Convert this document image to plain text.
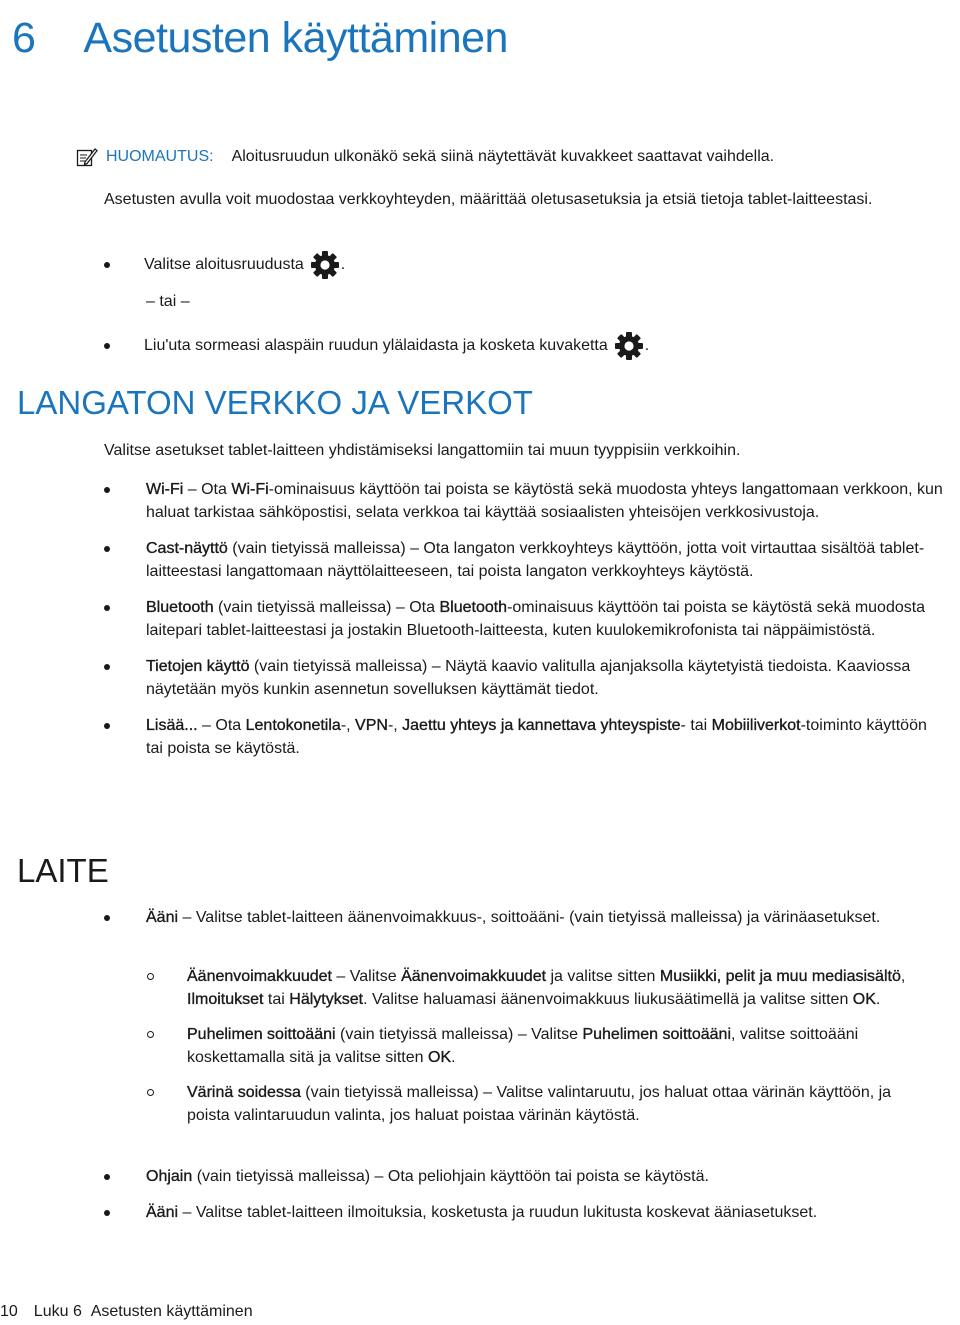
6 Asetusten käyttäminen
HUOMAUTUS: Aloitusruudun ulkonäkö sekä siinä näytettävät kuvakkeet saattavat vaihdella.

Asetusten avulla voit muodostaa verkkoyhteyden, määrittää oletusasetuksia ja etsiä tietoja tablet-laitteestasi.

Valitse aloitusruudusta .
– tai –
Liu'uta sormeasi alaspäin ruudun ylälaidasta ja kosketa kuvaketta .
LANGATON VERKKO JA VERKOT

Valitse asetukset tablet-laitteen yhdistämiseksi langattomiin tai muun tyyppisiin verkkoihin.

Wi-Fi – Ota Wi-Fi-ominaisuus käyttöön tai poista se käytöstä sekä muodosta yhteys langattomaan verkkoon, kun haluat tarkistaa sähköpostisi, selata verkkoa tai käyttää sosiaalisten yhteisöjen verkkosivustoja.
Cast-näyttö (vain tietyissä malleissa) – Ota langaton verkkoyhteys käyttöön, jotta voit virtauttaa sisältöä tablet-laitteestasi langattomaan näyttölaitteeseen, tai poista langaton verkkoyhteys käytöstä.
Bluetooth (vain tietyissä malleissa) – Ota Bluetooth-ominaisuus käyttöön tai poista se käytöstä sekä muodosta laitepari tablet-laitteestasi ja jostakin Bluetooth-laitteesta, kuten kuulokemikrofonista tai näppäimistöstä.
Tietojen käyttö (vain tietyissä malleissa) – Näytä kaavio valitulla ajanjaksolla käytetyistä tiedoista. Kaaviossa näytetään myös kunkin asennetun sovelluksen käyttämät tiedot.
Lisää... – Ota Lentokonetila-, VPN-, Jaettu yhteys ja kannettava yhteyspiste- tai Mobiiliverkot-toiminto käyttöön tai poista se käytöstä.
LAITE
Ääni – Valitse tablet-laitteen äänenvoimakkuus-, soittoääni- (vain tietyissä malleissa) ja värinäasetukset.
Äänenvoimakkuudet – Valitse Äänenvoimakkuudet ja valitse sitten Musiikki, pelit ja muu mediasisältö, Ilmoitukset tai Hälytykset. Valitse haluamasi äänenvoimakkuus liukusäätimellä ja valitse sitten OK.
Puhelimen soittoääni (vain tietyissä malleissa) – Valitse Puhelimen soittoääni, valitse soittoääni koskettamalla sitä ja valitse sitten OK.
Värinä soidessa (vain tietyissä malleissa) – Valitse valintaruutu, jos haluat ottaa värinän käyttöön, ja poista valintaruudun valinta, jos haluat poistaa värinän käytöstä.
Ohjain (vain tietyissä malleissa) – Ota peliohjain käyttöön tai poista se käytöstä.
Ääni – Valitse tablet-laitteen ilmoituksia, kosketusta ja ruudun lukitusta koskevat ääniasetukset.
10 Luku 6 Asetusten käyttäminen
